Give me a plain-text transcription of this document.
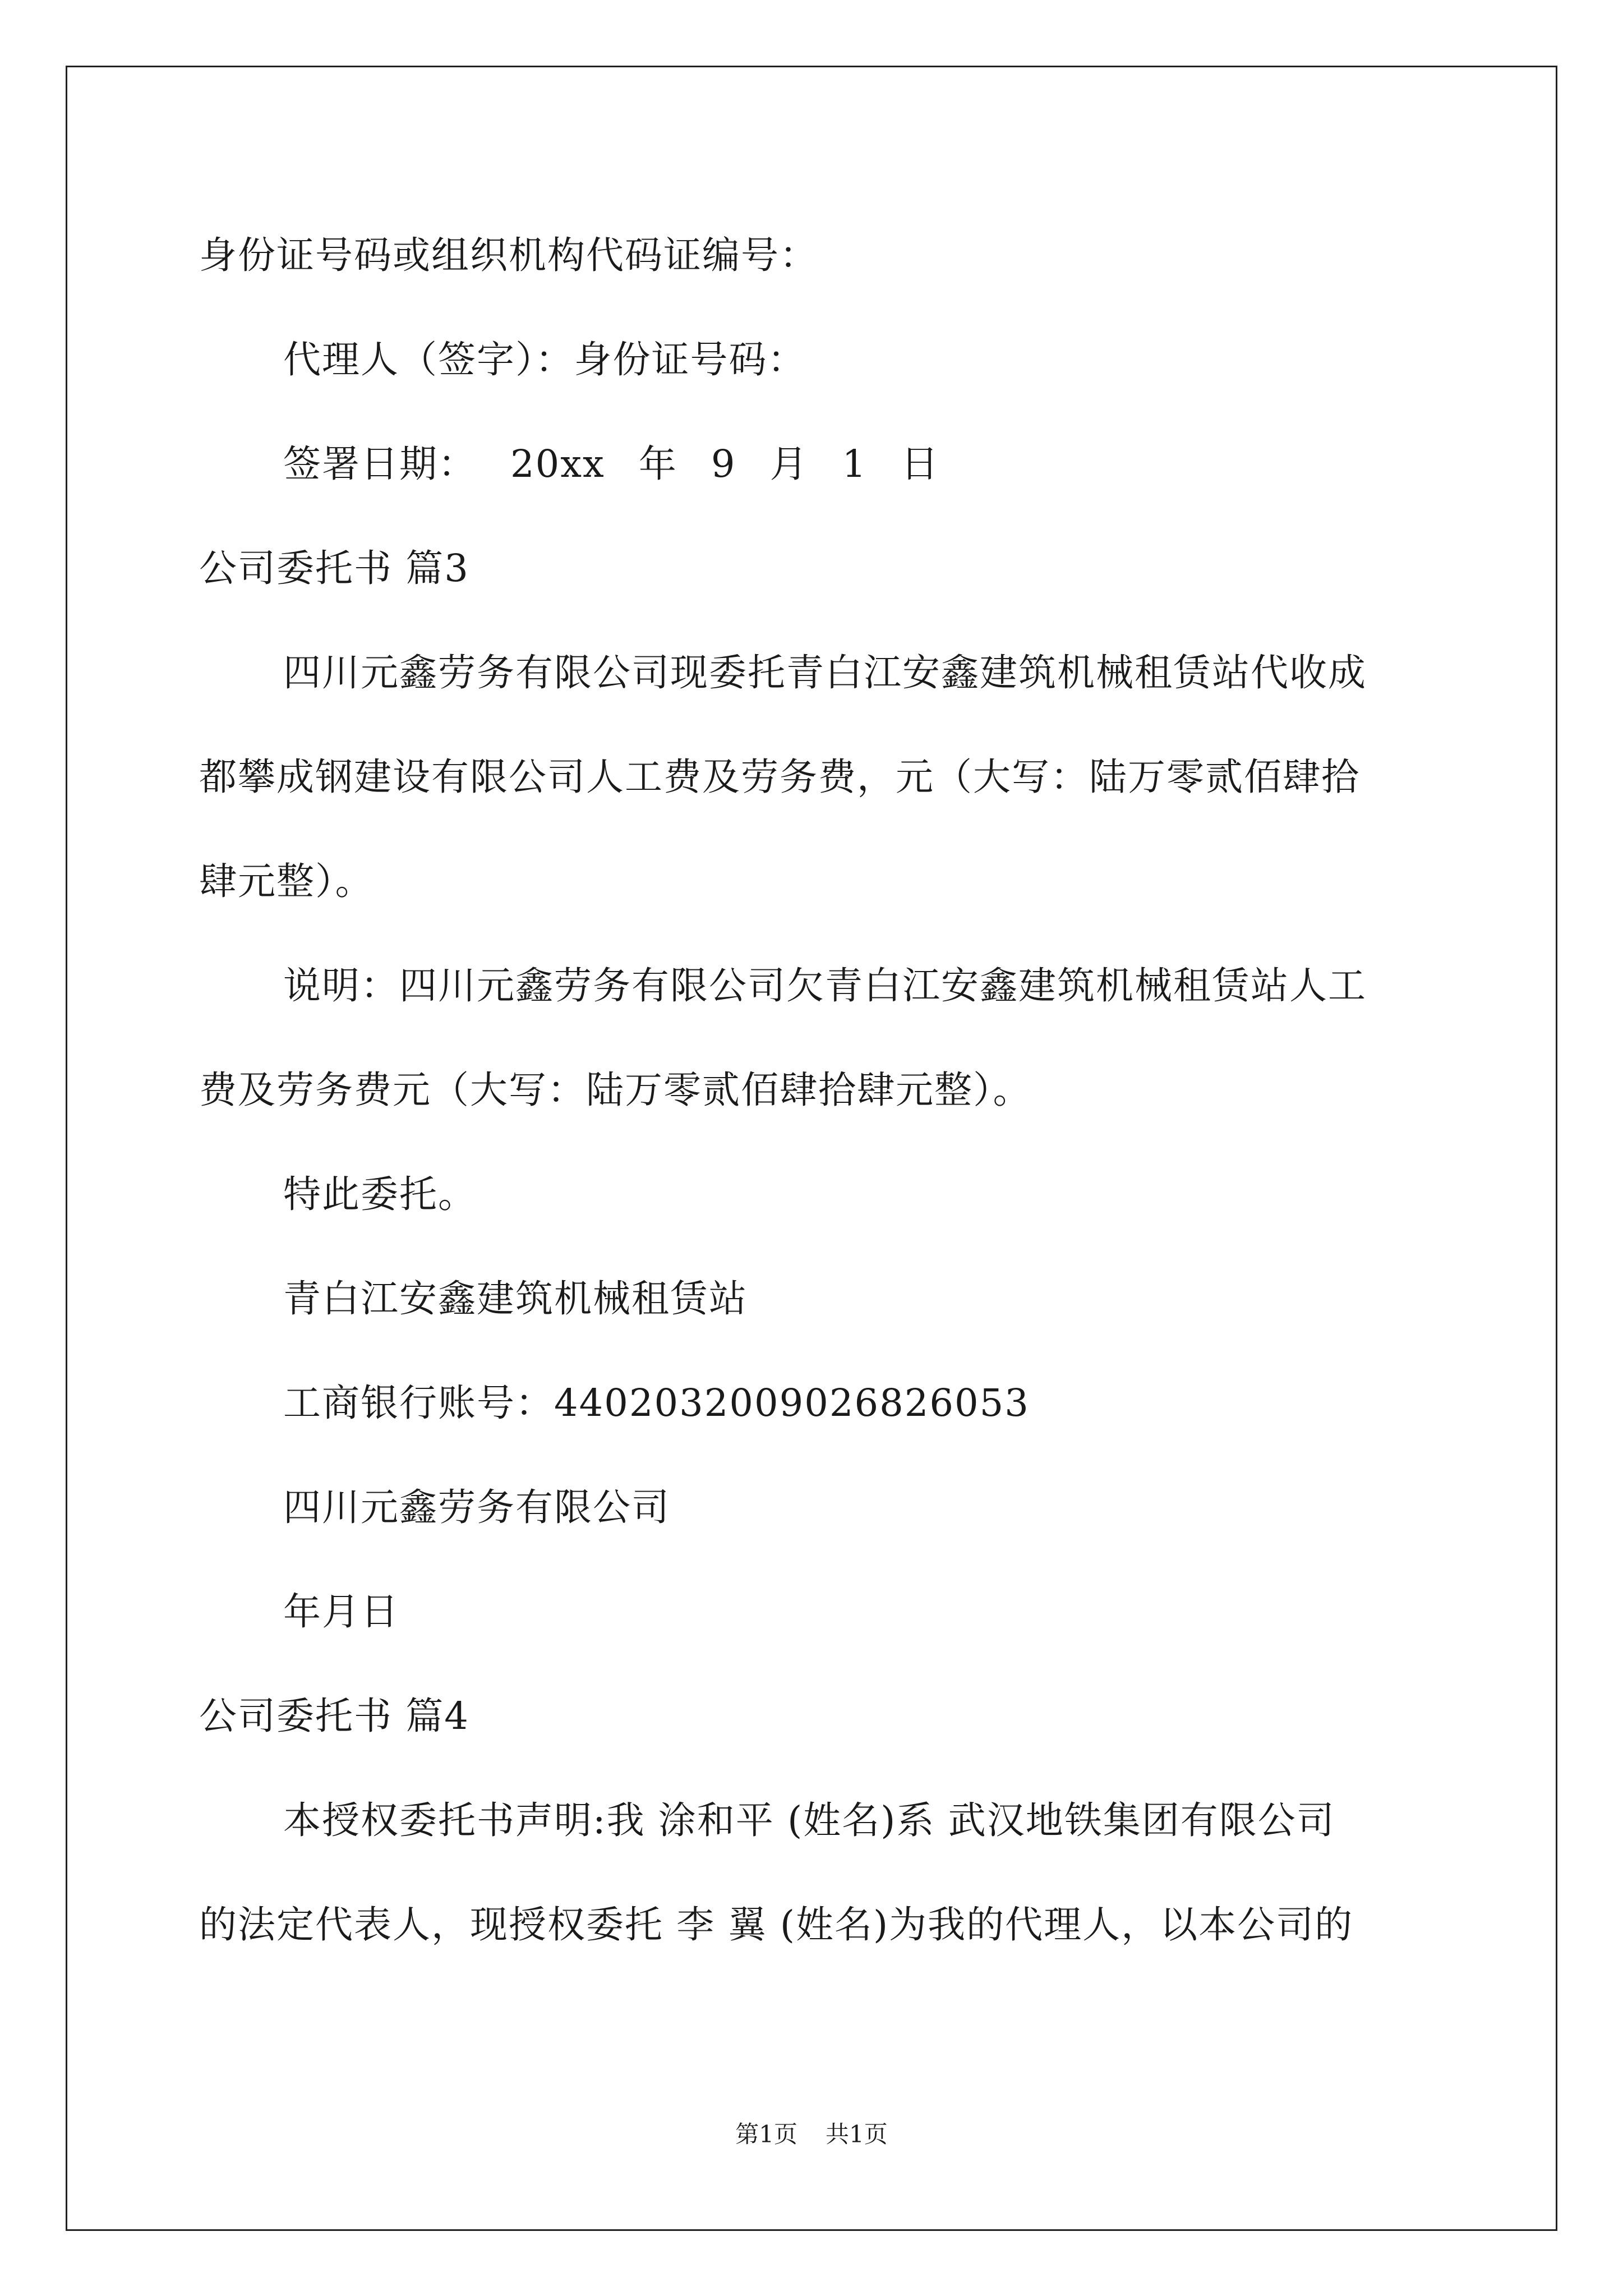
身份证号码或组织机构代码证编号：
代理人（签字）：身份证号码：
签署日期： 20xx 年 9 月 1 日
公司委托书 篇3
四川元鑫劳务有限公司现委托青白江安鑫建筑机械租赁站代收成
都攀成钢建设有限公司人工费及劳务费，元（大写：陆万零贰佰肆拾
肆元整）。
说明：四川元鑫劳务有限公司欠青白江安鑫建筑机械租赁站人工
费及劳务费元（大写：陆万零贰佰肆拾肆元整）。
特此委托。
青白江安鑫建筑机械租赁站
工商银行账号：4402032009026826053
四川元鑫劳务有限公司
年月日
公司委托书 篇4
本授权委托书声明:我 涂和平 (姓名)系 武汉地铁集团有限公司
的法定代表人，现授权委托 李 翼 (姓名)为我的代理人，以本公司的
第1页 共1页
